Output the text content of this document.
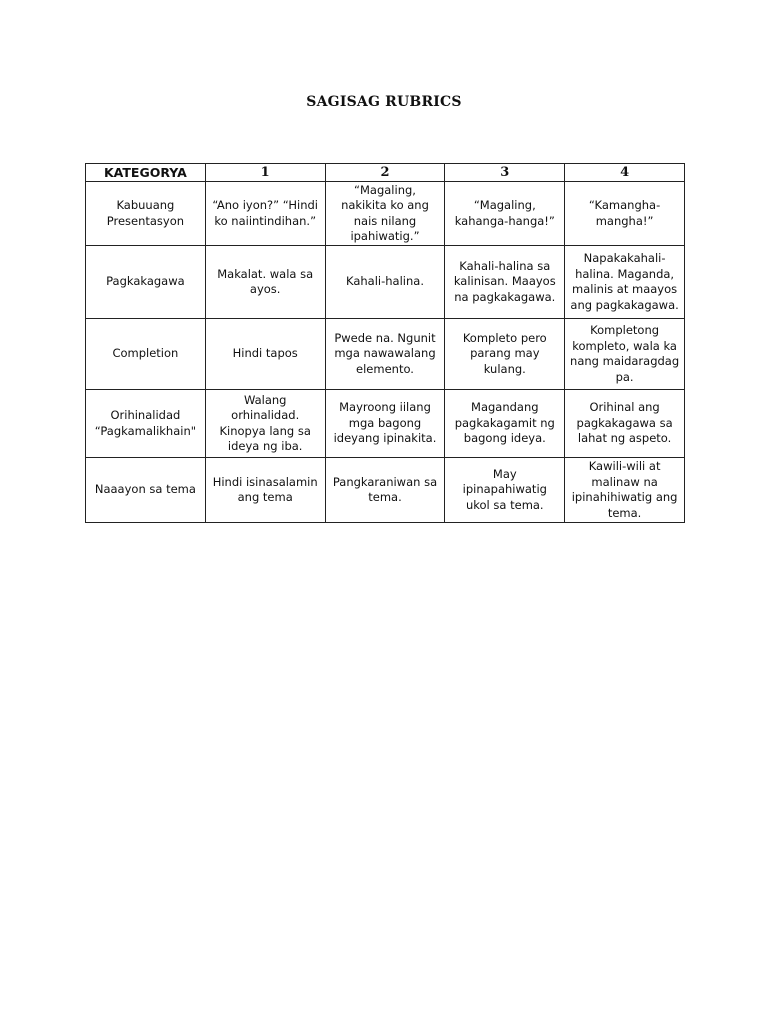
SAGISAG RUBRICS
KATEGORYA	1	2	3	4
Kabuuang Presentasyon	“Ano iyon?” “Hindi ko naiintindihan.”	“Magaling, nakikita ko ang nais nilang ipahiwatig.”	“Magaling, kahanga-hanga!”	“Kamangha-mangha!”
Pagkakagawa	Makalat. wala sa ayos.	Kahali-halina.	Kahali-halina sa kalinisan. Maayos na pagkakagawa.	Napakakahali-halina. Maganda, malinis at maayos ang pagkakagawa.
Completion	Hindi tapos	Pwede na. Ngunit mga nawawalang elemento.	Kompleto pero parang may kulang.	Kompletong kompleto, wala ka nang maidaragdag pa.
Orihinalidad “Pagkamalikhain"	Walang orhinalidad. Kinopya lang sa ideya ng iba.	Mayroong iilang mga bagong ideyang ipinakita.	Magandang pagkakagamit ng bagong ideya.	Orihinal ang pagkakagawa sa lahat ng aspeto.
Naaayon sa tema	Hindi isinasalamin ang tema	Pangkaraniwan sa tema.	May ipinapahiwatig ukol sa tema.	Kawili-wili at malinaw na ipinahihiwatig ang tema.
